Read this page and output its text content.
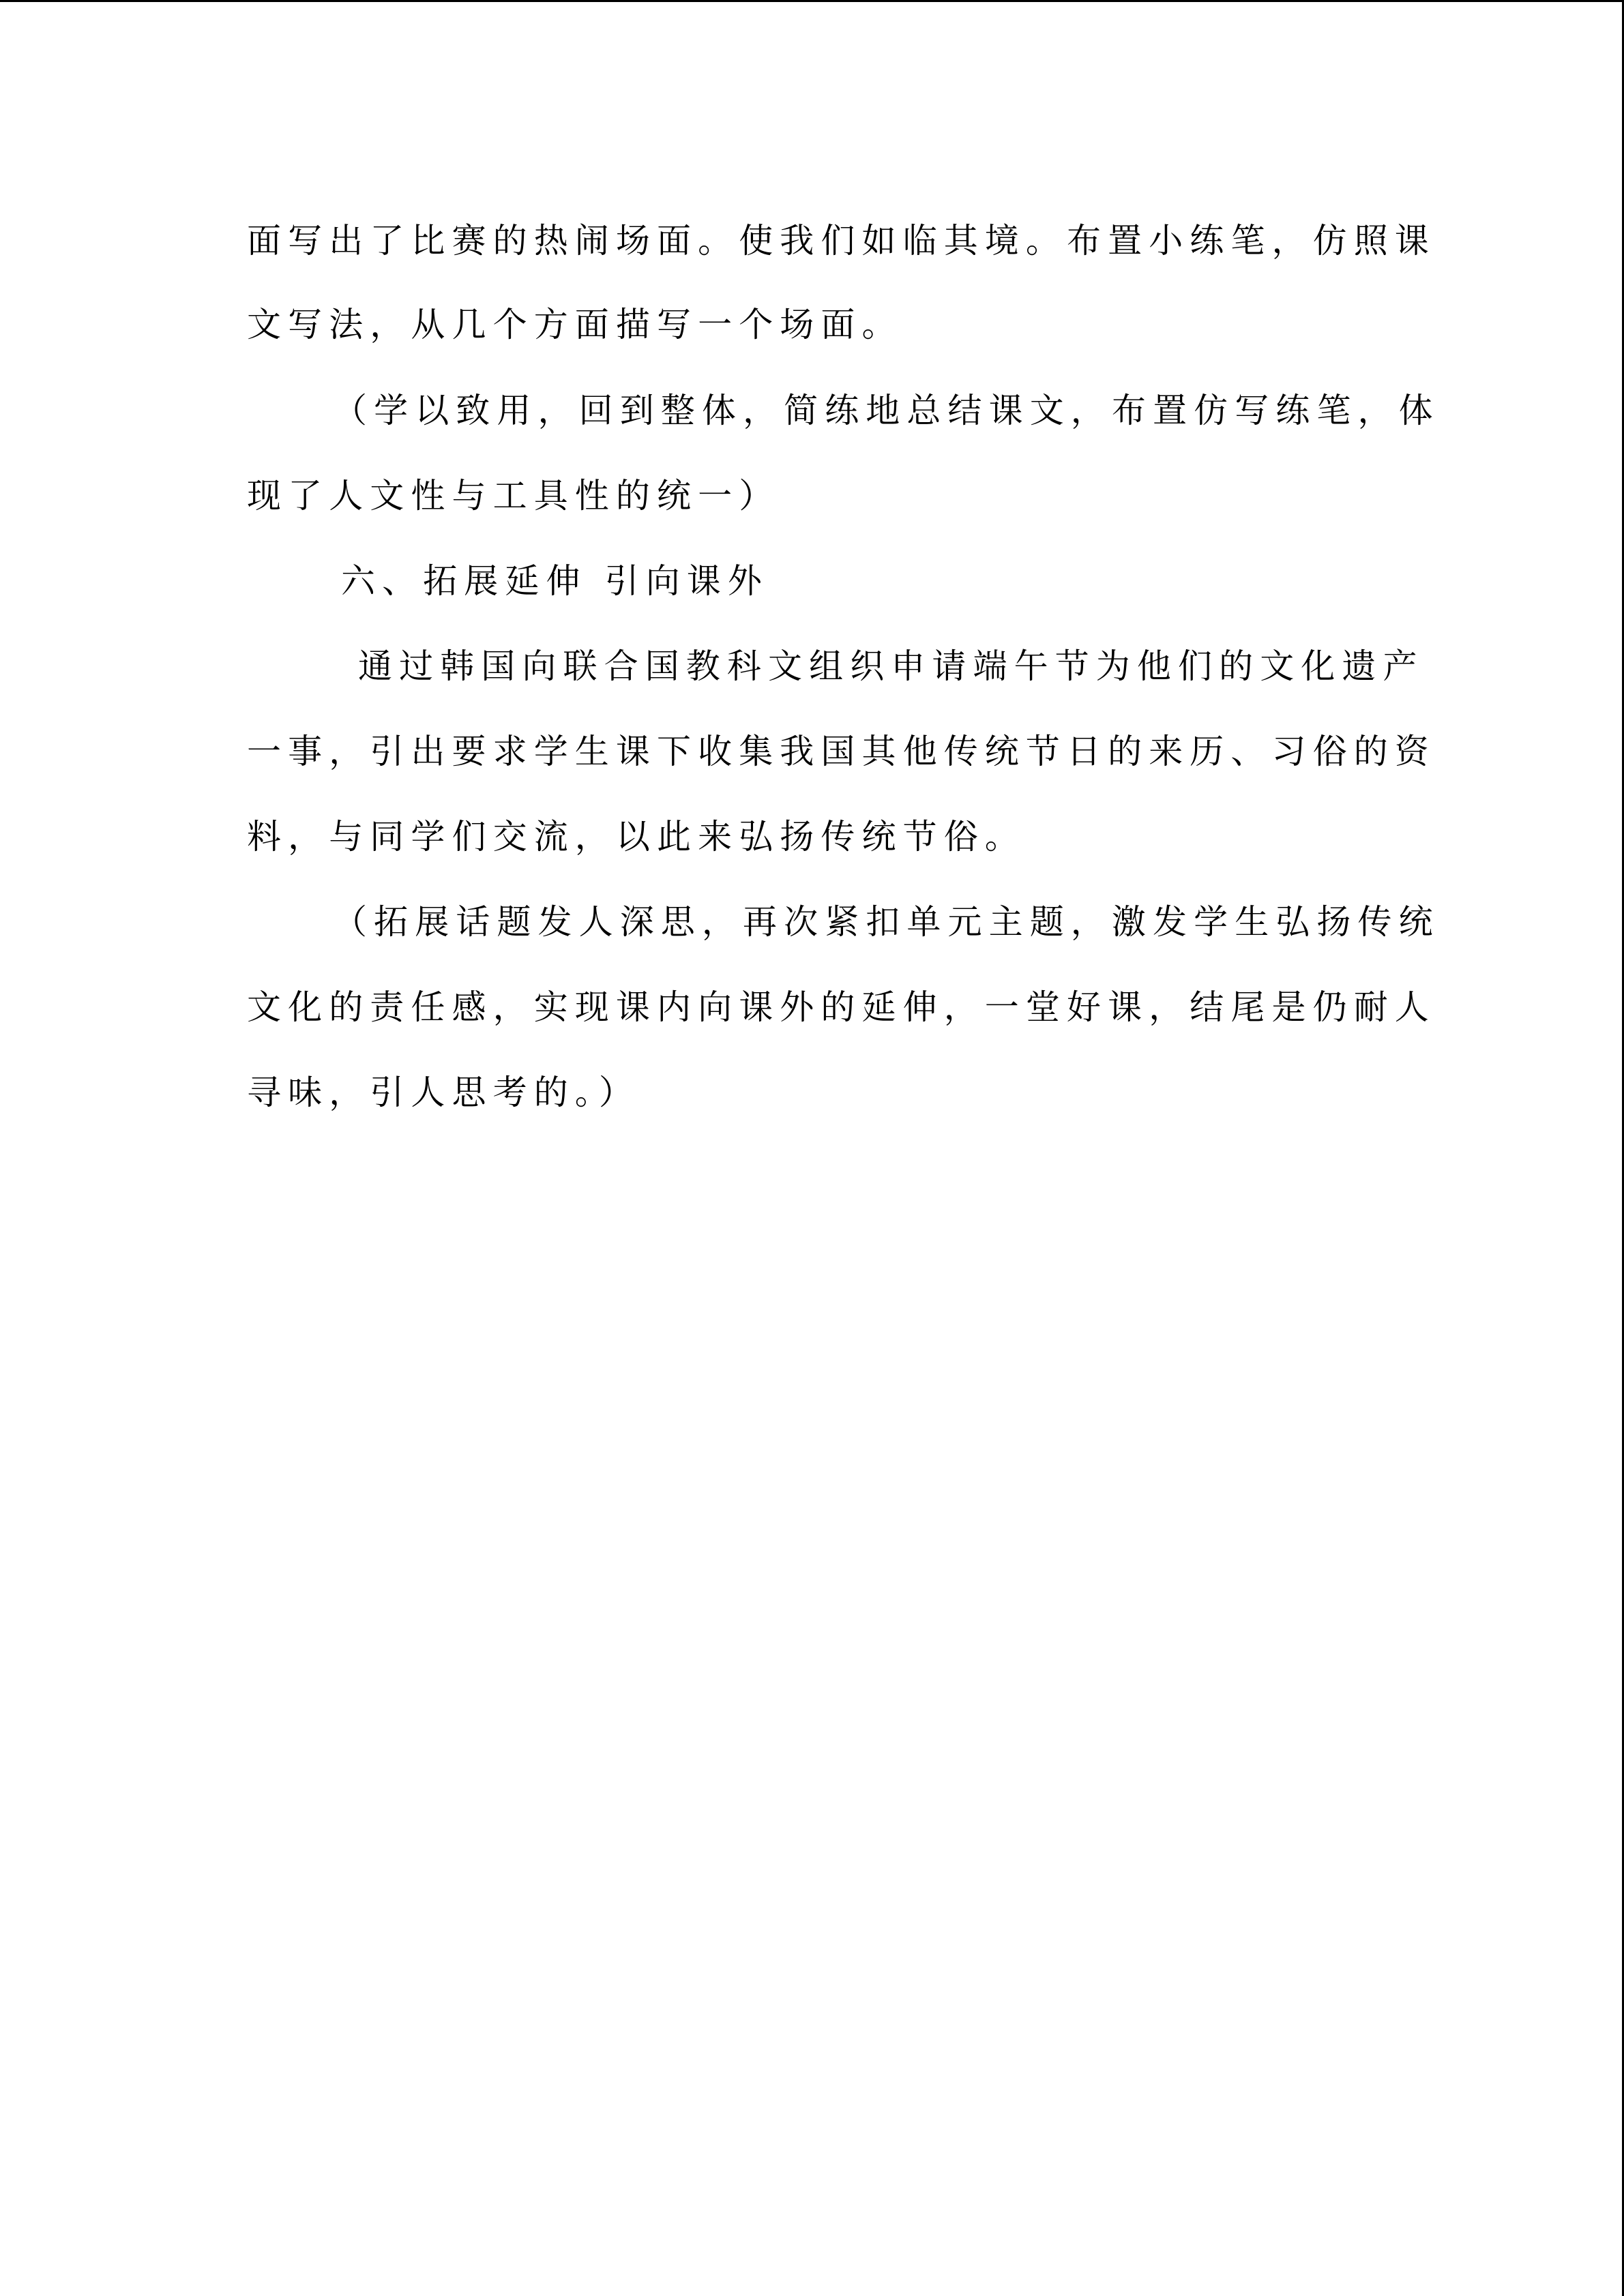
面写出了比赛的热闹场面。使我们如临其境。布置小练笔，仿照课
文写法，从几个方面描写一个场面。
（学以致用，回到整体，简练地总结课文，布置仿写练笔，体
现了人文性与工具性的统一）
六、拓展延伸 引向课外
通过韩国向联合国教科文组织申请端午节为他们的文化遗产
一事，引出要求学生课下收集我国其他传统节日的来历、习俗的资
料，与同学们交流，以此来弘扬传统节俗。
（拓展话题发人深思，再次紧扣单元主题，激发学生弘扬传统
文化的责任感，实现课内向课外的延伸，一堂好课，结尾是仍耐人
寻味，引人思考的。）
